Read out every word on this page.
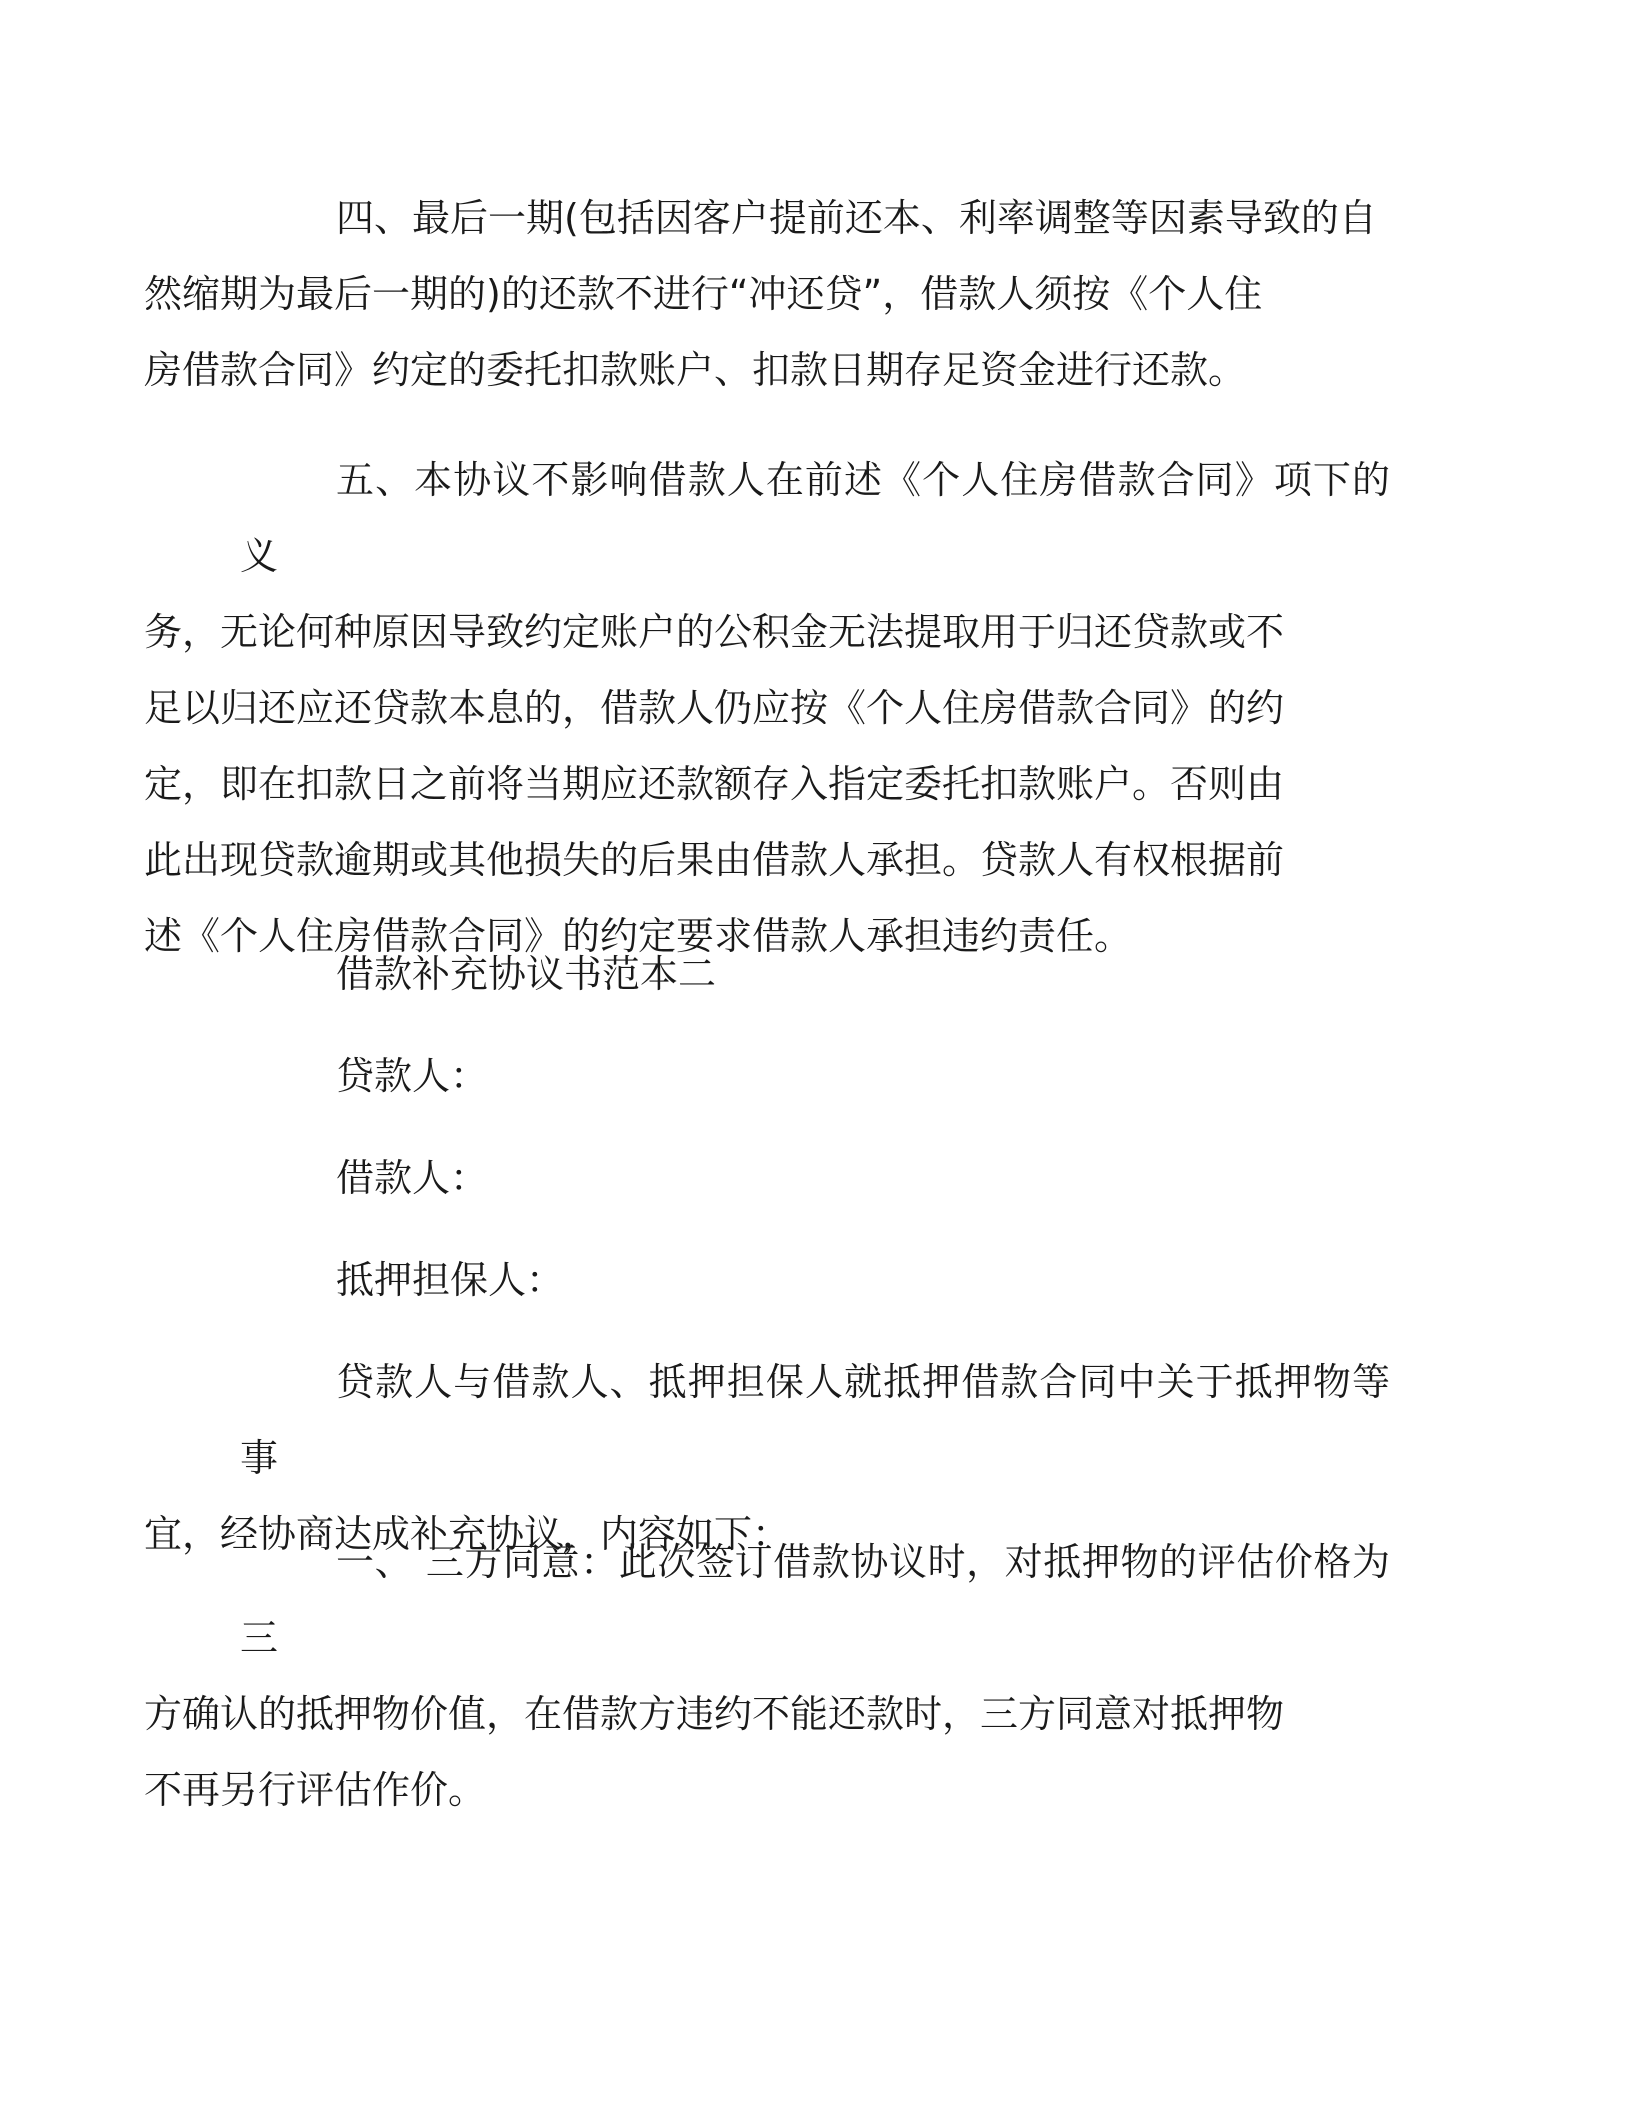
四、最后一期(包括因客户提前还本、利率调整等因素导致的自
然缩期为最后一期的)的还款不进行“冲还贷”，借款人须按《个人住
房借款合同》约定的委托扣款账户、扣款日期存足资金进行还款。

五、本协议不影响借款人在前述《个人住房借款合同》项下的义
务，无论何种原因导致约定账户的公积金无法提取用于归还贷款或不
足以归还应还贷款本息的，借款人仍应按《个人住房借款合同》的约
定，即在扣款日之前将当期应还款额存入指定委托扣款账户。否则由
此出现贷款逾期或其他损失的后果由借款人承担。贷款人有权根据前
述《个人住房借款合同》的约定要求借款人承担违约责任。

借款补充协议书范本二

贷款人：

借款人：

抵押担保人：

贷款人与借款人、抵押担保人就抵押借款合同中关于抵押物等事
宜，经协商达成补充协议，内容如下：

一、 三方同意：此次签订借款协议时，对抵押物的评估价格为三
方确认的抵押物价值，在借款方违约不能还款时，三方同意对抵押物
不再另行评估作价。
